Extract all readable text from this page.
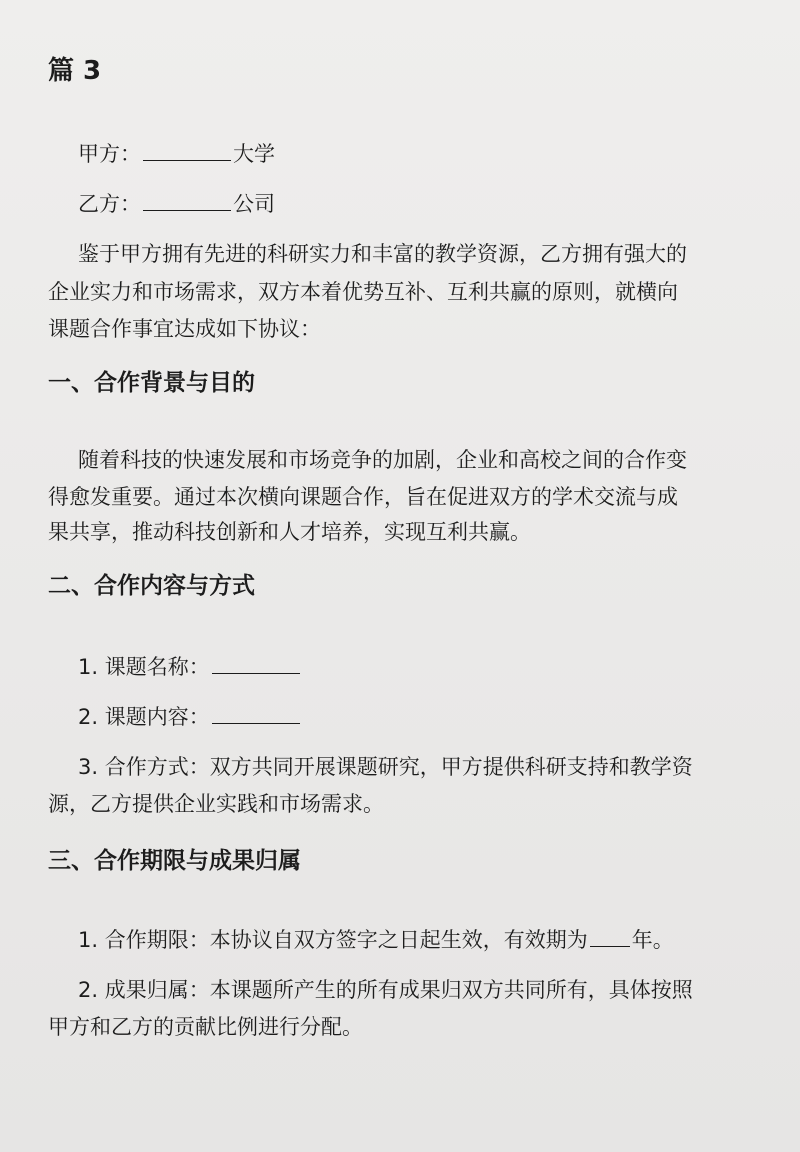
篇 3
甲方：	大学
乙方：	公司
鉴于甲方拥有先进的科研实力和丰富的教学资源，乙方拥有强大的
企业实力和市场需求，双方本着优势互补、互利共赢的原则，就横向
课题合作事宜达成如下协议：
一、合作背景与目的
随着科技的快速发展和市场竞争的加剧，企业和高校之间的合作变
得愈发重要。通过本次横向课题合作，旨在促进双方的学术交流与成
果共享，推动科技创新和人才培养，实现互利共赢。
二、合作内容与方式
1. 课题名称：
2. 课题内容：
3. 合作方式：双方共同开展课题研究，甲方提供科研支持和教学资
源，乙方提供企业实践和市场需求。
三、合作期限与成果归属
1. 合作期限：本协议自双方签字之日起生效，有效期为 年。
2. 成果归属：本课题所产生的所有成果归双方共同所有，具体按照
甲方和乙方的贡献比例进行分配。
